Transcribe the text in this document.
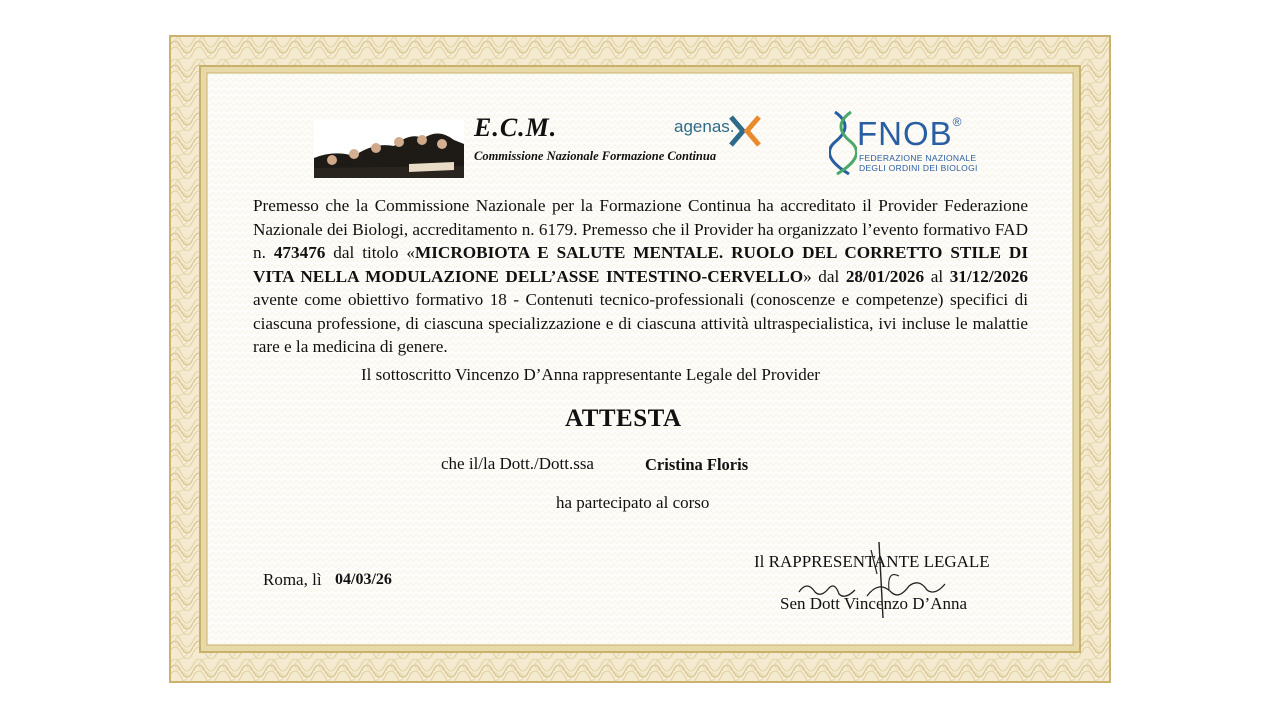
E.C.M.
Commissione Nazionale Formazione Continua
agenas.	FNOB®
FEDERAZIONE NAZIONALE
DEGLI ORDINI DEI BIOLOGI
Premesso che la Commissione Nazionale per la Formazione Continua ha accreditato il Provider Federazione Nazionale dei Biologi, accreditamento n. 6179. Premesso che il Provider ha organizzato l’evento formativo FAD n. 473476 dal titolo «MICROBIOTA E SALUTE MENTALE. RUOLO DEL CORRETTO STILE DI VITA NELLA MODULAZIONE DELL’ASSE INTESTINO-CERVELLO» dal 28/01/2026 al 31/12/2026 avente come obiettivo formativo 18 - Contenuti tecnico-professionali (conoscenze e competenze) specifici di ciascuna professione, di ciascuna specializzazione e di ciascuna attività ultraspecialistica, ivi incluse le malattie rare e la medicina di genere.
Il sottoscritto Vincenzo D’Anna rappresentante Legale del Provider
ATTESTA
che il/la Dott./Dott.ssa	Cristina Floris
ha partecipato al corso
Roma, lì 04/03/26
Il RAPPRESENTANTE LEGALE
Sen Dott Vincenzo D’Anna
